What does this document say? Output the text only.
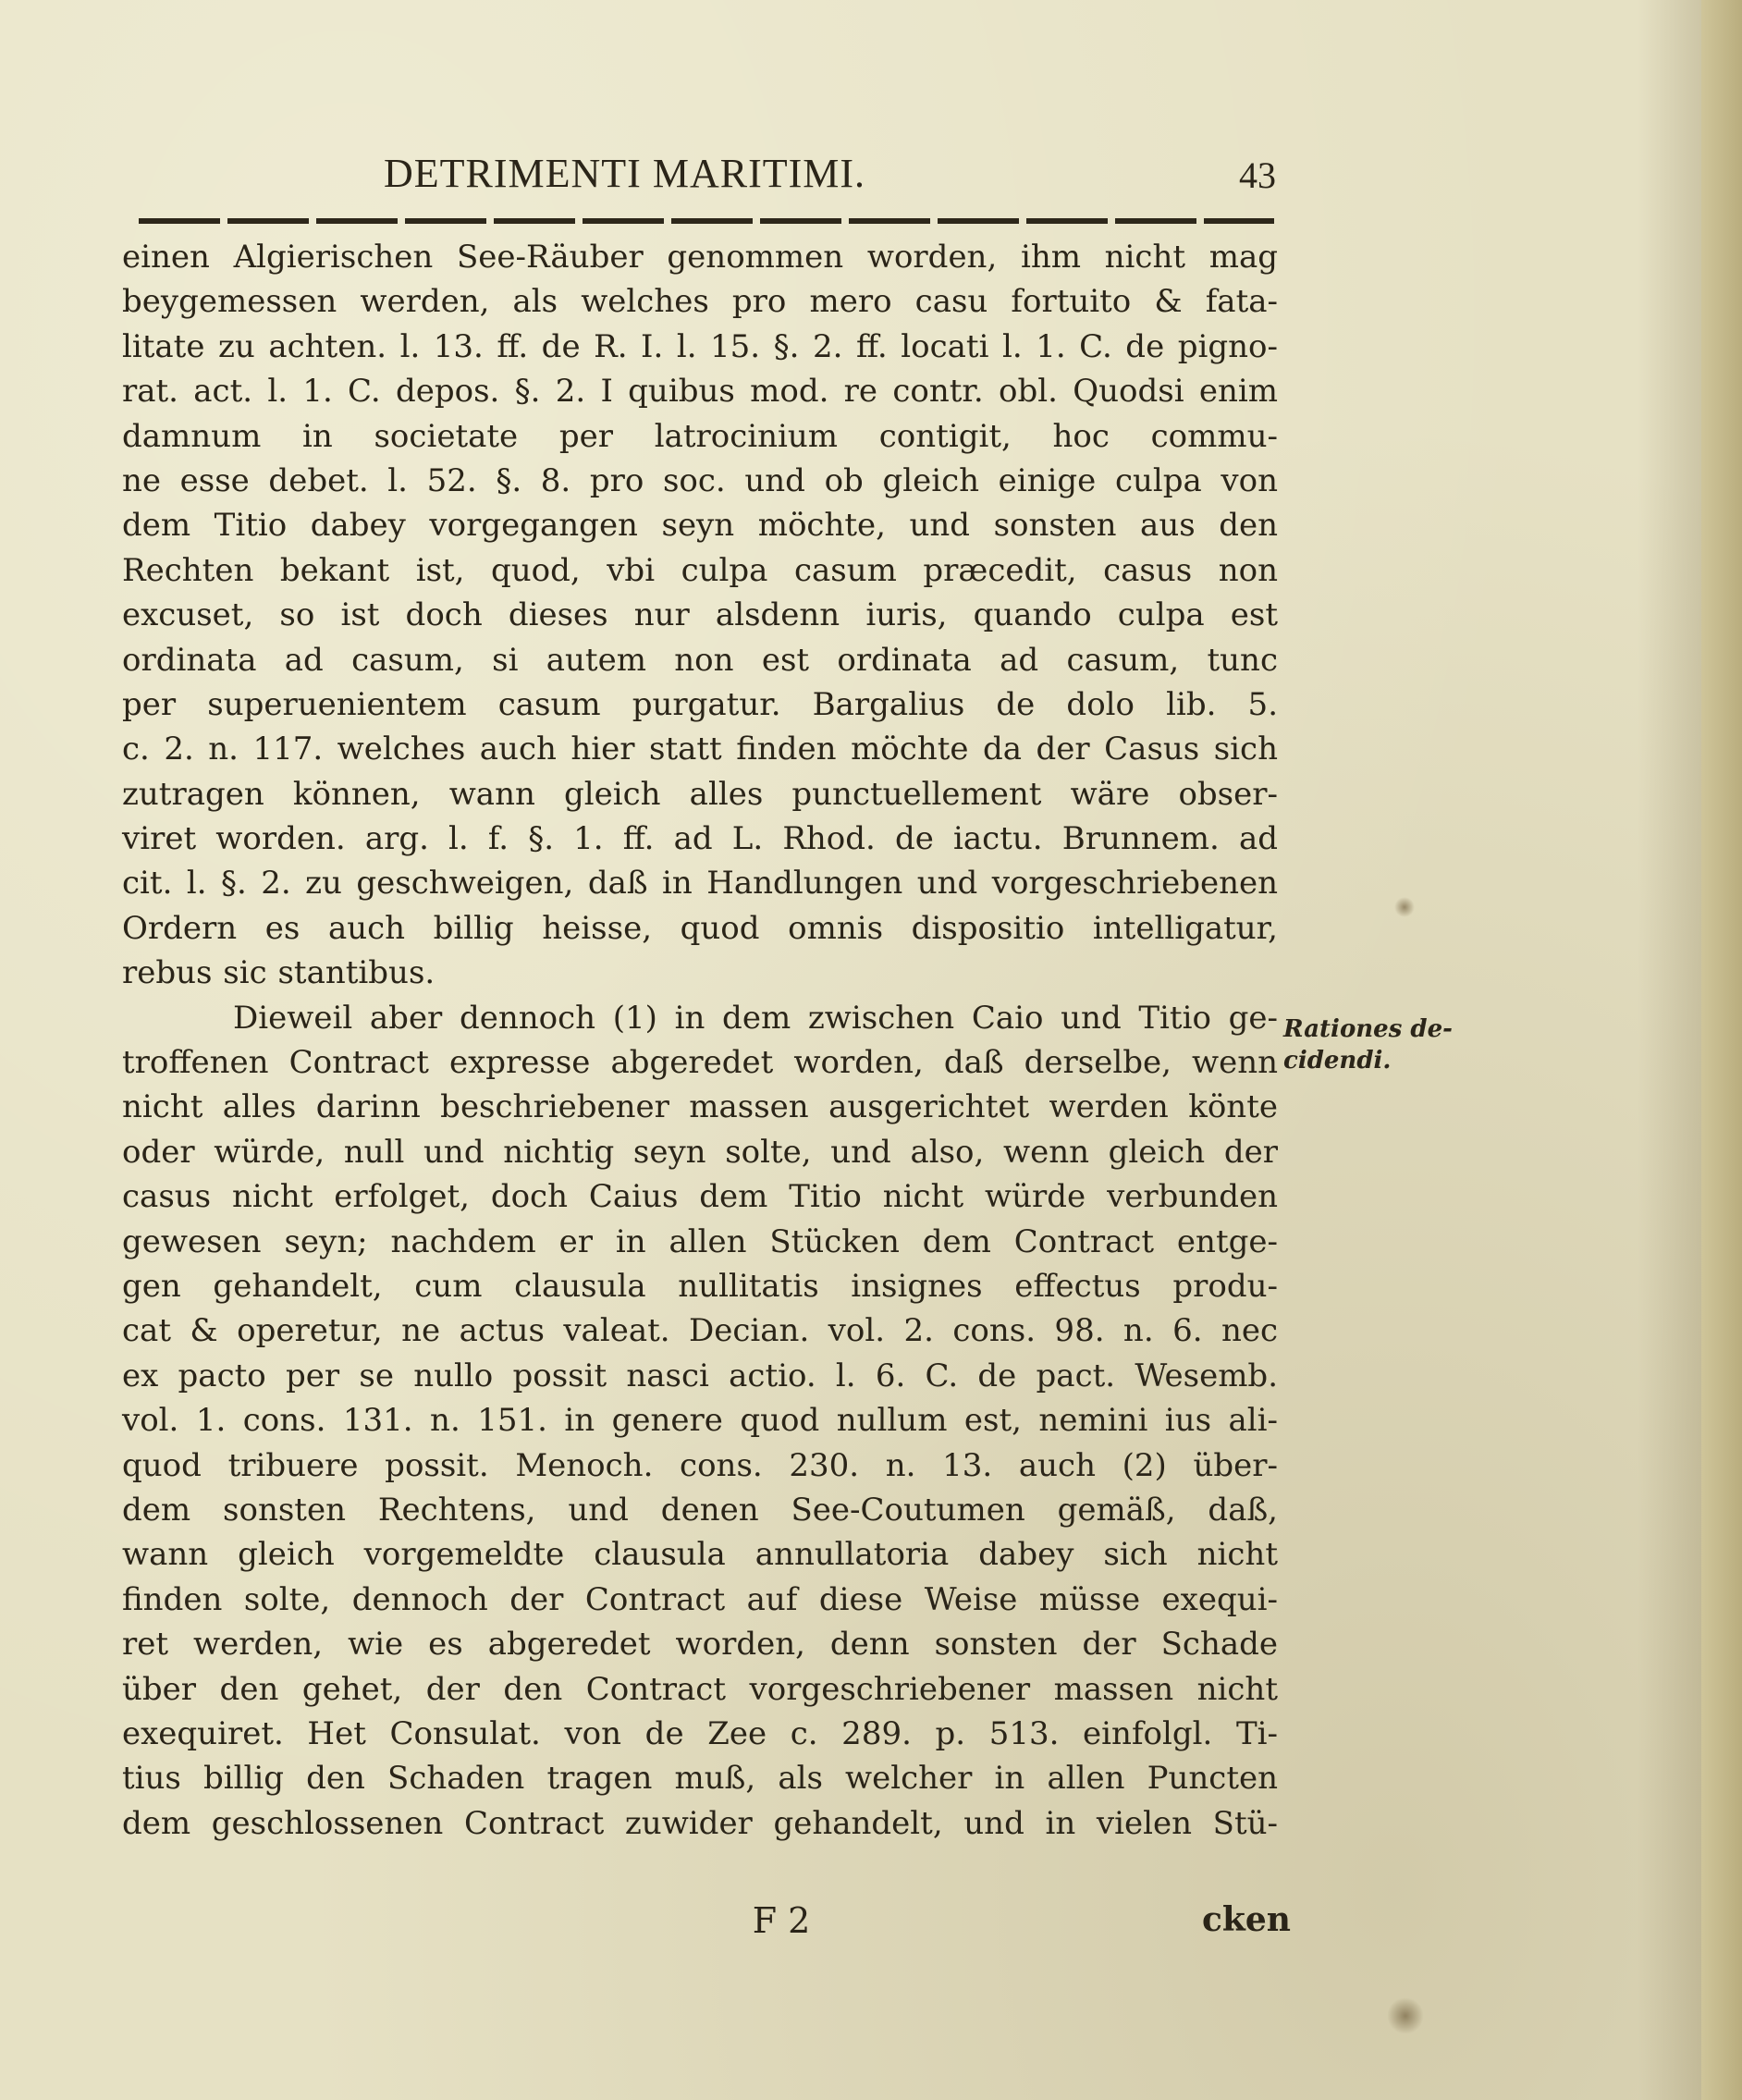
DETRIMENTI MARITIMI.	43
einen Algierischen See-Räuber genommen worden, ihm nicht mag
beygemessen werden, als welches pro mero casu fortuito & fata-
litate zu achten. l. 13. ff. de R. I. l. 15. §. 2. ff. locati l. 1. C. de pigno-
rat. act. l. 1. C. depos. §. 2. I quibus mod. re contr. obl. Quodsi enim
damnum in societate per latrocinium contigit, hoc commu-
ne esse debet. l. 52. §. 8. pro soc. und ob gleich einige culpa von
dem Titio dabey vorgegangen seyn möchte, und sonsten aus den
Rechten bekant ist, quod, vbi culpa casum præcedit, casus non
excuset, so ist doch dieses nur alsdenn iuris, quando culpa est
ordinata ad casum, si autem non est ordinata ad casum, tunc
per superuenientem casum purgatur. Bargalius de dolo lib. 5.
c. 2. n. 117. welches auch hier statt finden möchte da der Casus sich
zutragen können, wann gleich alles punctuellement wäre obser-
viret worden. arg. l. f. §. 1. ff. ad L. Rhod. de iactu. Brunnem. ad
cit. l. §. 2. zu geschweigen, daß in Handlungen und vorgeschriebenen
Ordern es auch billig heisse, quod omnis dispositio intelligatur,
rebus sic stantibus.
Dieweil aber dennoch (1) in dem zwischen Caio und Titio ge-
troffenen Contract expresse abgeredet worden, daß derselbe, wenn
nicht alles darinn beschriebener massen ausgerichtet werden könte
oder würde, null und nichtig seyn solte, und also, wenn gleich der
casus nicht erfolget, doch Caius dem Titio nicht würde verbunden
gewesen seyn; nachdem er in allen Stücken dem Contract entge-
gen gehandelt, cum clausula nullitatis insignes effectus produ-
cat & operetur, ne actus valeat. Decian. vol. 2. cons. 98. n. 6. nec
ex pacto per se nullo possit nasci actio. l. 6. C. de pact. Wesemb.
vol. 1. cons. 131. n. 151. in genere quod nullum est, nemini ius ali-
quod tribuere possit. Menoch. cons. 230. n. 13. auch (2) über-
dem sonsten Rechtens, und denen See-Coutumen gemäß, daß,
wann gleich vorgemeldte clausula annullatoria dabey sich nicht
finden solte, dennoch der Contract auf diese Weise müsse exequi-
ret werden, wie es abgeredet worden, denn sonsten der Schade
über den gehet, der den Contract vorgeschriebener massen nicht
exequiret. Het Consulat. von de Zee c. 289. p. 513. einfolgl. Ti-
tius billig den Schaden tragen muß, als welcher in allen Puncten
dem geschlossenen Contract zuwider gehandelt, und in vielen Stü-
Rationes de-
cidendi.
F 2	cken
